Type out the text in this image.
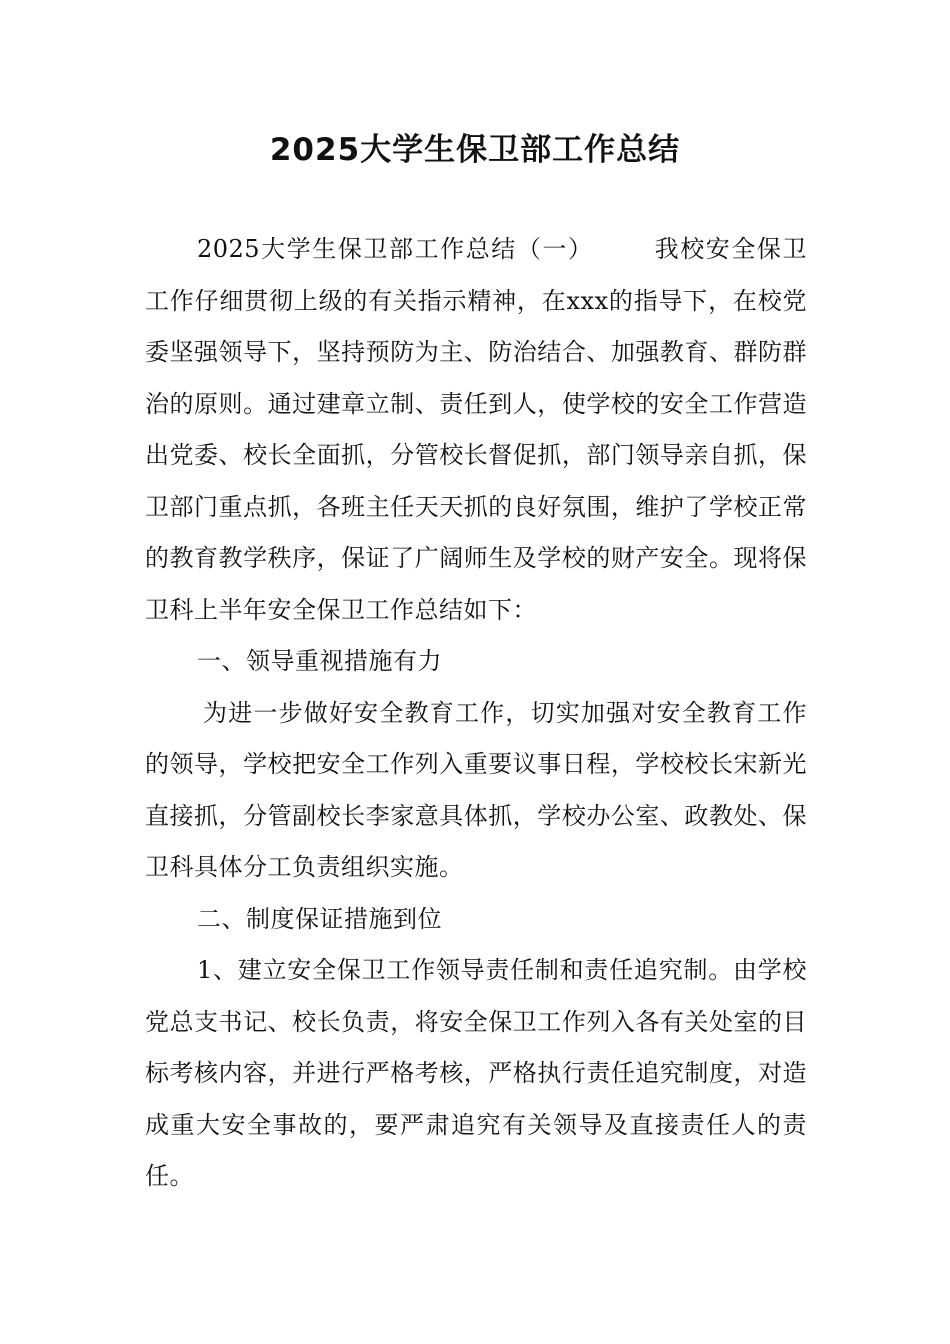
2025大学生保卫部工作总结

2025大学生保卫部工作总结（一）	我校安全保卫工作仔细贯彻上级的有关指示精神，在xxx的指导下，在校党委坚强领导下，坚持预防为主、防治结合、加强教育、群防群治的原则。通过建章立制、责任到人，使学校的安全工作营造出党委、校长全面抓，分管校长督促抓，部门领导亲自抓，保卫部门重点抓，各班主任天天抓的良好氛围，维护了学校正常的教育教学秩序，保证了广阔师生及学校的财产安全。现将保卫科上半年安全保卫工作总结如下：

一、领导重视措施有力

为进一步做好安全教育工作，切实加强对安全教育工作的领导，学校把安全工作列入重要议事日程，学校校长宋新光直接抓，分管副校长李家意具体抓，学校办公室、政教处、保卫科具体分工负责组织实施。

二、制度保证措施到位

1、建立安全保卫工作领导责任制和责任追究制。由学校党总支书记、校长负责，将安全保卫工作列入各有关处室的目标考核内容，并进行严格考核，严格执行责任追究制度，对造成重大安全事故的，要严肃追究有关领导及直接责任人的责任。
